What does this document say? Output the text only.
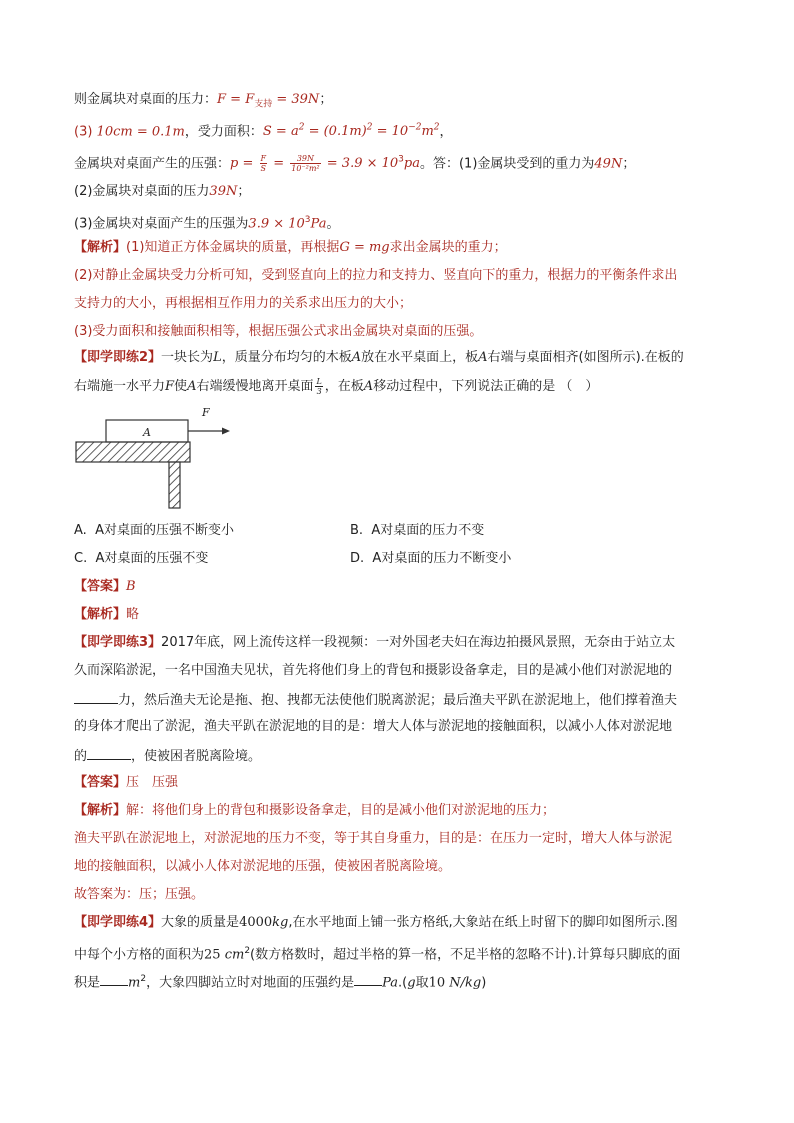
则金属块对桌面的压力：$F = F_{支持} = 39N$；
(3) 10cm = 0.1m，受力面积：$S = a^2 = (0.1m)^2 = 10^{-2}m^2$，
金属块对桌面产生的压强：$p = \frac{F}{S} = \frac{39N}{\text{10⁻²m²}} = 3.9 \times 10^3pa$。答：(1)金属块受到的重力为49N；
(2)金属块对桌面的压力39N；
(3)金属块对桌面产生的压强为$3.9 \times 10^3Pa$。
【解析】(1)知道正方体金属块的质量，再根据G = mg求出金属块的重力；
(2)对静止金属块受力分析可知，受到竖直向上的拉力和支持力、竖直向下的重力，根据力的平衡条件求出
支持力的大小，再根据相互作用力的关系求出压力的大小；
(3)受力面积和接触面积相等，根据压强公式求出金属块对桌面的压强。
【即学即练2】一块长为L，质量分布均匀的木板A放在水平桌面上，板A右端与桌面相齐(如图所示).在板的
右端施一水平力F使A右端缓慢地离开桌面 $\frac{L}{3}$ ，在板A移动过程中，下列说法正确的是 （　）
A
F
A. A对桌面的压强不断变小	B. A对桌面的压力不变
C. A对桌面的压强不变	D. A对桌面的压力不断变小
【答案】B
【解析】略
【即学即练3】2017年底，网上流传这样一段视频：一对外国老夫妇在海边拍摄风景照，无奈由于站立太
久而深陷淤泥，一名中国渔夫见状，首先将他们身上的背包和摄影设备拿走，目的是减小他们对淤泥地的
力，然后渔夫无论是拖、抱、拽都无法使他们脱离淤泥；最后渔夫平趴在淤泥地上，他们撑着渔夫
的身体才爬出了淤泥，渔夫平趴在淤泥地的目的是：增大人体与淤泥地的接触面积，以减小人体对淤泥地
的	，使被困者脱离险境。
【答案】压　压强
【解析】解：将他们身上的背包和摄影设备拿走，目的是减小他们对淤泥地的压力；
渔夫平趴在淤泥地上，对淤泥地的压力不变，等于其自身重力，目的是：在压力一定时，增大人体与淤泥
地的接触面积，以减小人体对淤泥地的压强，使被困者脱离险境。
故答案为：压；压强。
【即学即练4】大象的质量是4000kg,在水平地面上铺一张方格纸,大象站在纸上时留下的脚印如图所示.图
中每个小方格的面积为25 $cm^2$(数方格数时，超过半格的算一格，不足半格的忽略不计).计算每只脚底的面
积是 $m^2$，大象四脚站立时对地面的压强约是 Pa.(g取10 N/kg)
